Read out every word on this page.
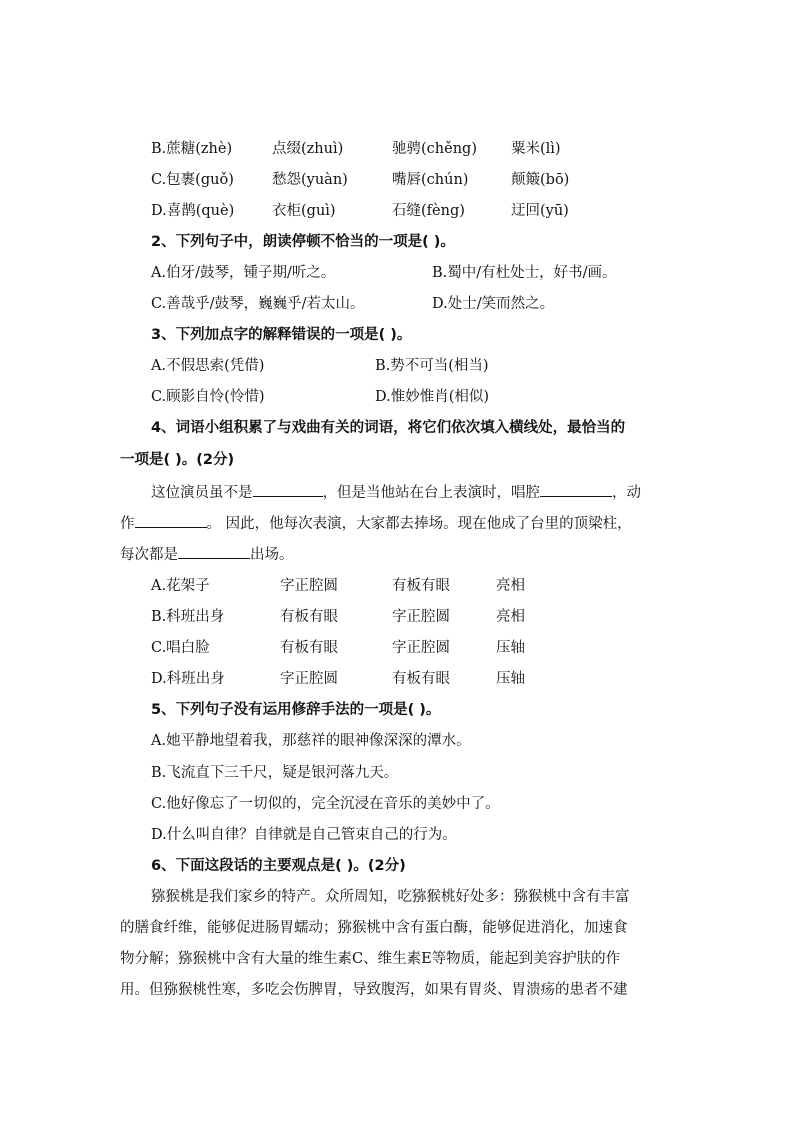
B.蔗糖(zhè)	点缀(zhuì)	驰骋(chěng) 粟米(lì)
C.包裹(guǒ)	愁怨(yuàn)	嘴唇(chún)	颠簸(bō)
D.喜鹊(què)	衣柜(guì)	石缝(fèng)	迂回(yū)
2、下列句子中，朗读停顿不恰当的一项是( )。
A.伯牙/鼓琴，锺子期/听之。	B.蜀中/有杜处士，好书/画。
C.善哉乎/鼓琴，巍巍乎/若太山。	D.处士/笑而然之。
3、下列加点字的解释错误的一项是( )。
A.不假思索(凭借)	B.势不可当(相当)
C.顾影自怜(怜惜)	D.惟妙惟肖(相似)
4、词语小组积累了与戏曲有关的词语，将它们依次填入横线处，最恰当的
一项是( )。(2分)
这位演员虽不是	，但是当他站在台上表演时，唱腔	，动
作	。 因此，他每次表演，大家都去捧场。现在他成了台里的顶梁柱，
每次都是	出场。
A.花架子	字正腔圆	有板有眼	亮相
B.科班出身	有板有眼	字正腔圆	亮相
C.唱白脸	有板有眼	字正腔圆	压轴
D.科班出身	字正腔圆	有板有眼	压轴
5、下列句子没有运用修辞手法的一项是( )。
A.她平静地望着我，那慈祥的眼神像深深的潭水。
B.飞流直下三千尺，疑是银河落九天。
C.他好像忘了一切似的，完全沉浸在音乐的美妙中了。
D.什么叫自律？自律就是自己管束自己的行为。
6、下面这段话的主要观点是( )。(2分)
猕猴桃是我们家乡的特产。众所周知，吃猕猴桃好处多：猕猴桃中含有丰富
的膳食纤维，能够促进肠胃蠕动；猕猴桃中含有蛋白酶，能够促进消化，加速食
物分解；猕猴桃中含有大量的维生素C、维生素E等物质，能起到美容护肤的作
用。但猕猴桃性寒，多吃会伤脾胃，导致腹泻，如果有胃炎、胃溃疡的患者不建
